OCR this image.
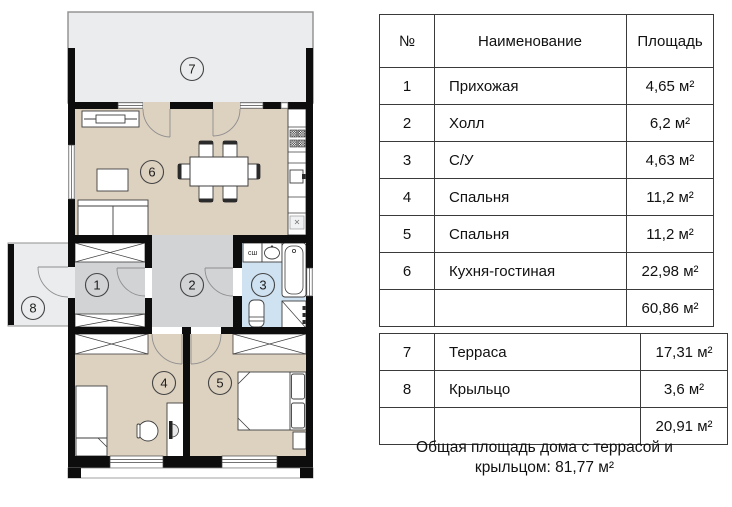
сш
7
6
1	2	3
8
4	5
№	Наименование	Площадь
1	Прихожая	4,65 м²
2	Холл	6,2 м²
3	С/У	4,63 м²
4	Спальня	11,2 м²
5	Спальня	11,2 м²
6	Кухня-гостиная	22,98 м²
		60,86 м²
7	Терраса	17,31 м²
8	Крыльцо	3,6 м²
		20,91 м²
Общая площадь дома с террасой и крыльцом: 81,77 м²
